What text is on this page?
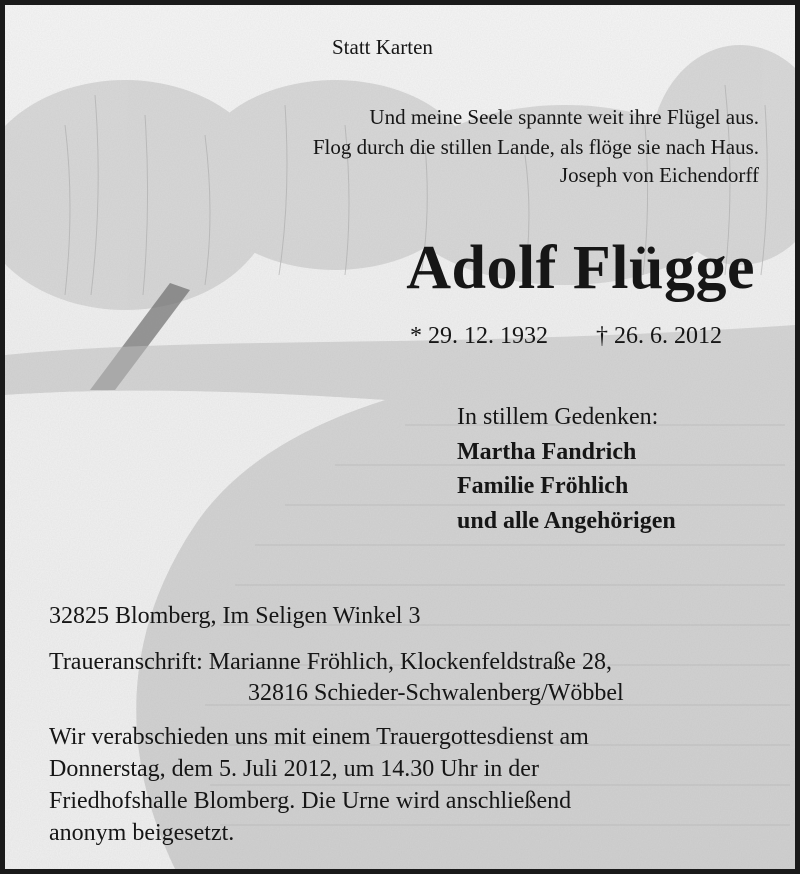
Statt Karten

Und meine Seele spannte weit ihre Flügel aus.

Flog durch die stillen Lande, als flöge sie nach Haus.

Joseph von Eichendorff

Adolf Flügge

* 29. 12. 1932 † 26. 6. 2012

In stillem Gedenken:

Martha Fandrich

Familie Fröhlich

und alle Angehörigen

32825 Blomberg, Im Seligen Winkel 3

Traueranschrift: Marianne Fröhlich, Klockenfeldstraße 28,

32816 Schieder-Schwalenberg/Wöbbel

Wir verabschieden uns mit einem Trauergottesdienst am

Donnerstag, dem 5. Juli 2012, um 14.30 Uhr in der

Friedhofshalle Blomberg. Die Urne wird anschließend

anonym beigesetzt.
